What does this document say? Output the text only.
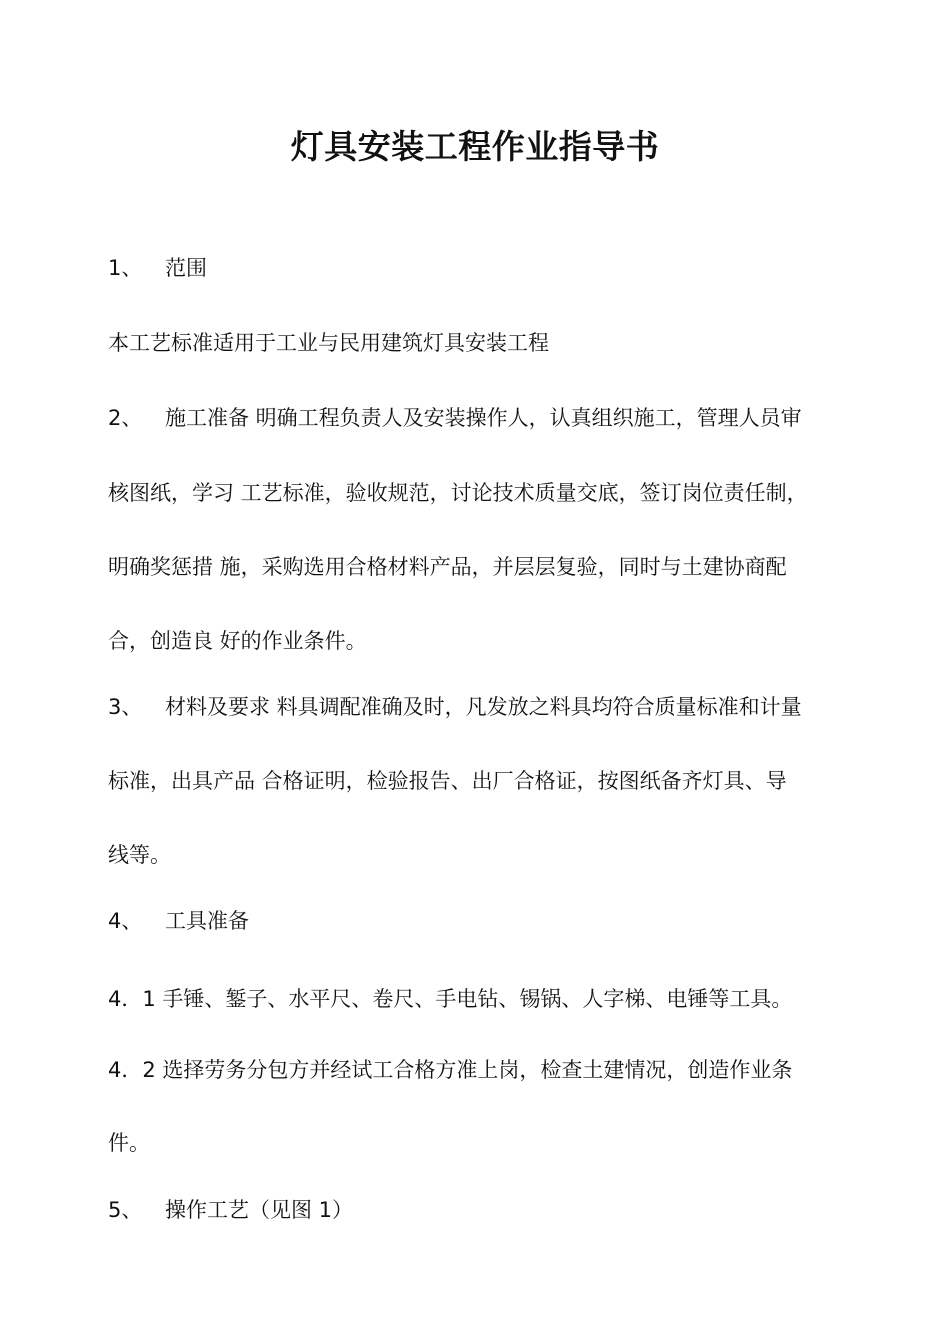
灯具安装工程作业指导书

1、 范围

本工艺标准适用于工业与民用建筑灯具安装工程

2、 施工准备 明确工程负责人及安装操作人，认真组织施工，管理人员审

核图纸，学习 工艺标准，验收规范，讨论技术质量交底，签订岗位责任制，

明确奖惩措 施，采购选用合格材料产品，并层层复验，同时与土建协商配

合，创造良 好的作业条件。

3、 材料及要求 料具调配准确及时，凡发放之料具均符合质量标准和计量

标准，出具产品 合格证明，检验报告、出厂合格证，按图纸备齐灯具、导

线等。

4、 工具准备

4．1 手锤、錾子、水平尺、卷尺、手电钻、锡锅、人字梯、电锤等工具。

4．2 选择劳务分包方并经试工合格方准上岗，检查土建情况，创造作业条

件。

5、 操作工艺（见图 1）
